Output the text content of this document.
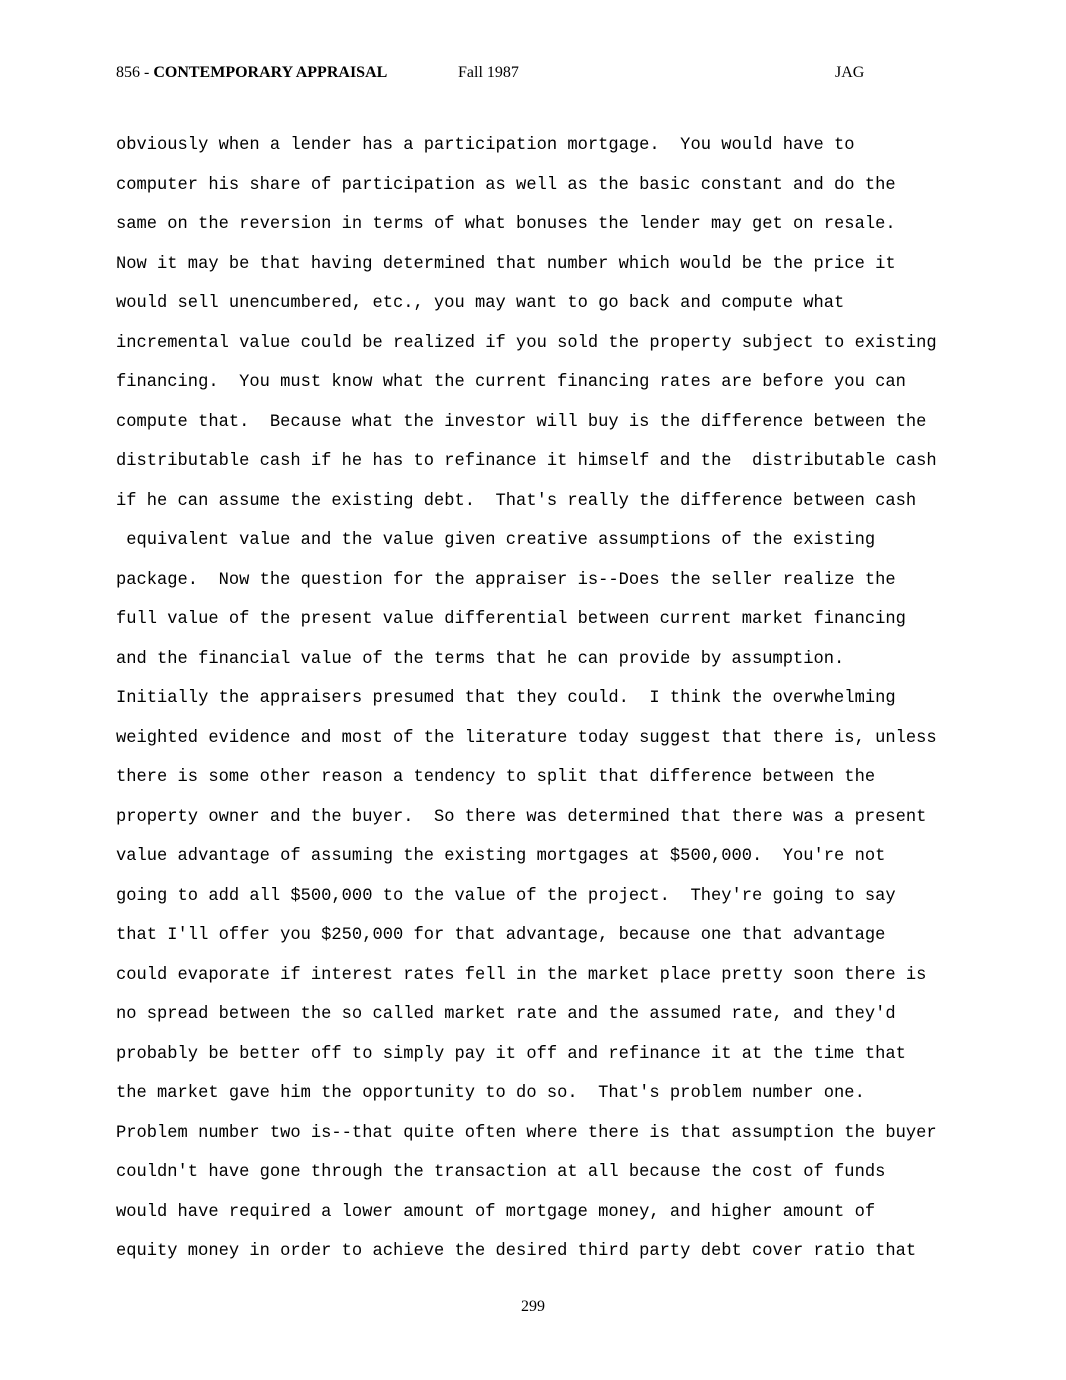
856 - CONTEMPORARY APPRAISAL	Fall 1987	JAG
obviously when a lender has a participation mortgage.  You would have to
computer his share of participation as well as the basic constant and do the
same on the reversion in terms of what bonuses the lender may get on resale.
Now it may be that having determined that number which would be the price it
would sell unencumbered, etc., you may want to go back and compute what
incremental value could be realized if you sold the property subject to existing
financing.  You must know what the current financing rates are before you can
compute that.  Because what the investor will buy is the difference between the
distributable cash if he has to refinance it himself and the  distributable cash
if he can assume the existing debt.  That's really the difference between cash
equivalent value and the value given creative assumptions of the existing
package.  Now the question for the appraiser is--Does the seller realize the
full value of the present value differential between current market financing
and the financial value of the terms that he can provide by assumption.
Initially the appraisers presumed that they could.  I think the overwhelming
weighted evidence and most of the literature today suggest that there is, unless
there is some other reason a tendency to split that difference between the
property owner and the buyer.  So there was determined that there was a present
value advantage of assuming the existing mortgages at $500,000.  You're not
going to add all $500,000 to the value of the project.  They're going to say
that I'll offer you $250,000 for that advantage, because one that advantage
could evaporate if interest rates fell in the market place pretty soon there is
no spread between the so called market rate and the assumed rate, and they'd
probably be better off to simply pay it off and refinance it at the time that
the market gave him the opportunity to do so.  That's problem number one.
Problem number two is--that quite often where there is that assumption the buyer
couldn't have gone through the transaction at all because the cost of funds
would have required a lower amount of mortgage money, and higher amount of
equity money in order to achieve the desired third party debt cover ratio that
299
